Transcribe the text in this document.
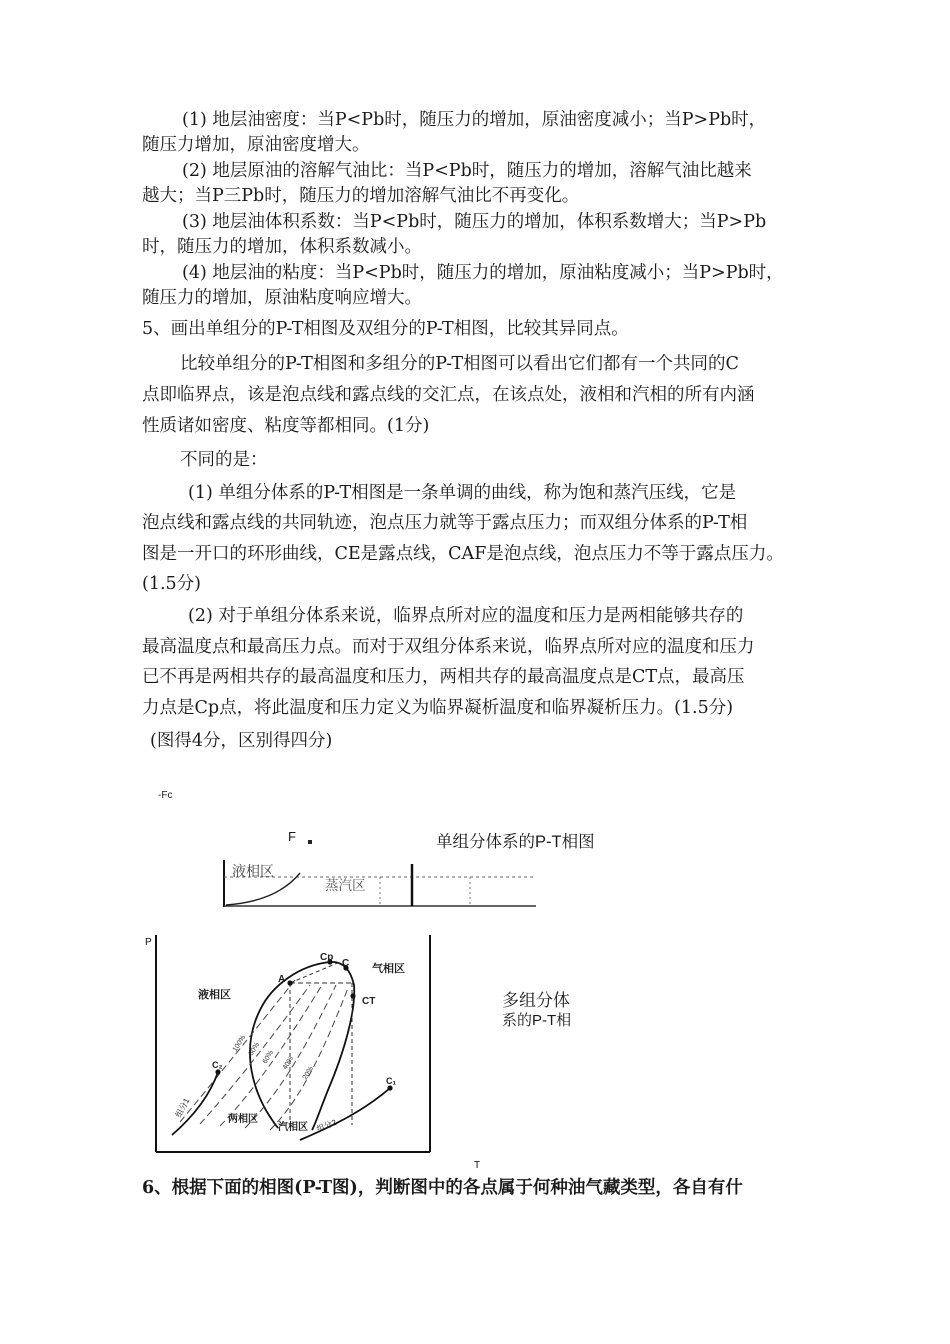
(1) 地层油密度：当P<Pb时，随压力的增加，原油密度减小；当P>Pb时，
随压力增加，原油密度增大。
(2) 地层原油的溶解气油比：当P<Pb时，随压力的增加，溶解气油比越来
越大；当P三Pb时，随压力的增加溶解气油比不再变化。
(3) 地层油体积系数：当P<Pb时，随压力的增加，体积系数增大；当P>Pb
时，随压力的增加，体积系数减小。
(4) 地层油的粘度：当P<Pb时，随压力的增加，原油粘度减小；当P>Pb时，
随压力的增加，原油粘度响应增大。
5、画出单组分的P-T相图及双组分的P-T相图，比较其异同点。
比较单组分的P-T相图和多组分的P-T相图可以看出它们都有一个共同的C
点即临界点，该是泡点线和露点线的交汇点，在该点处，液相和汽相的所有内涵
性质诸如密度、粘度等都相同。(1分)
不同的是：
(1) 单组分体系的P-T相图是一条单调的曲线，称为饱和蒸汽压线，它是
泡点线和露点线的共同轨迹，泡点压力就等于露点压力；而双组分体系的P-T相
图是一开口的环形曲线，CE是露点线，CAF是泡点线，泡点压力不等于露点压力。
(1.5分)
(2) 对于单组分体系来说，临界点所对应的温度和压力是两相能够共存的
最高温度点和最高压力点。而对于双组分体系来说，临界点所对应的温度和压力
已不再是两相共存的最高温度和压力，两相共存的最高温度点是CT点，最高压
力点是Cp点，将此温度和压力定义为临界凝析温度和临界凝析压力。(1.5分)
(图得4分，区别得四分)
-Fc
F	单组分体系的P-T相图
液相区
蒸汽区
P
T
液相区
气相区
两相区
汽相区
A
Cp
C
CT
C₂
C₁
组分1
组分2
100% 80%
60% 40%
20%
多组分体
系的P-T相
6、根据下面的相图(P-T图)，判断图中的各点属于何种油气藏类型，各自有什
